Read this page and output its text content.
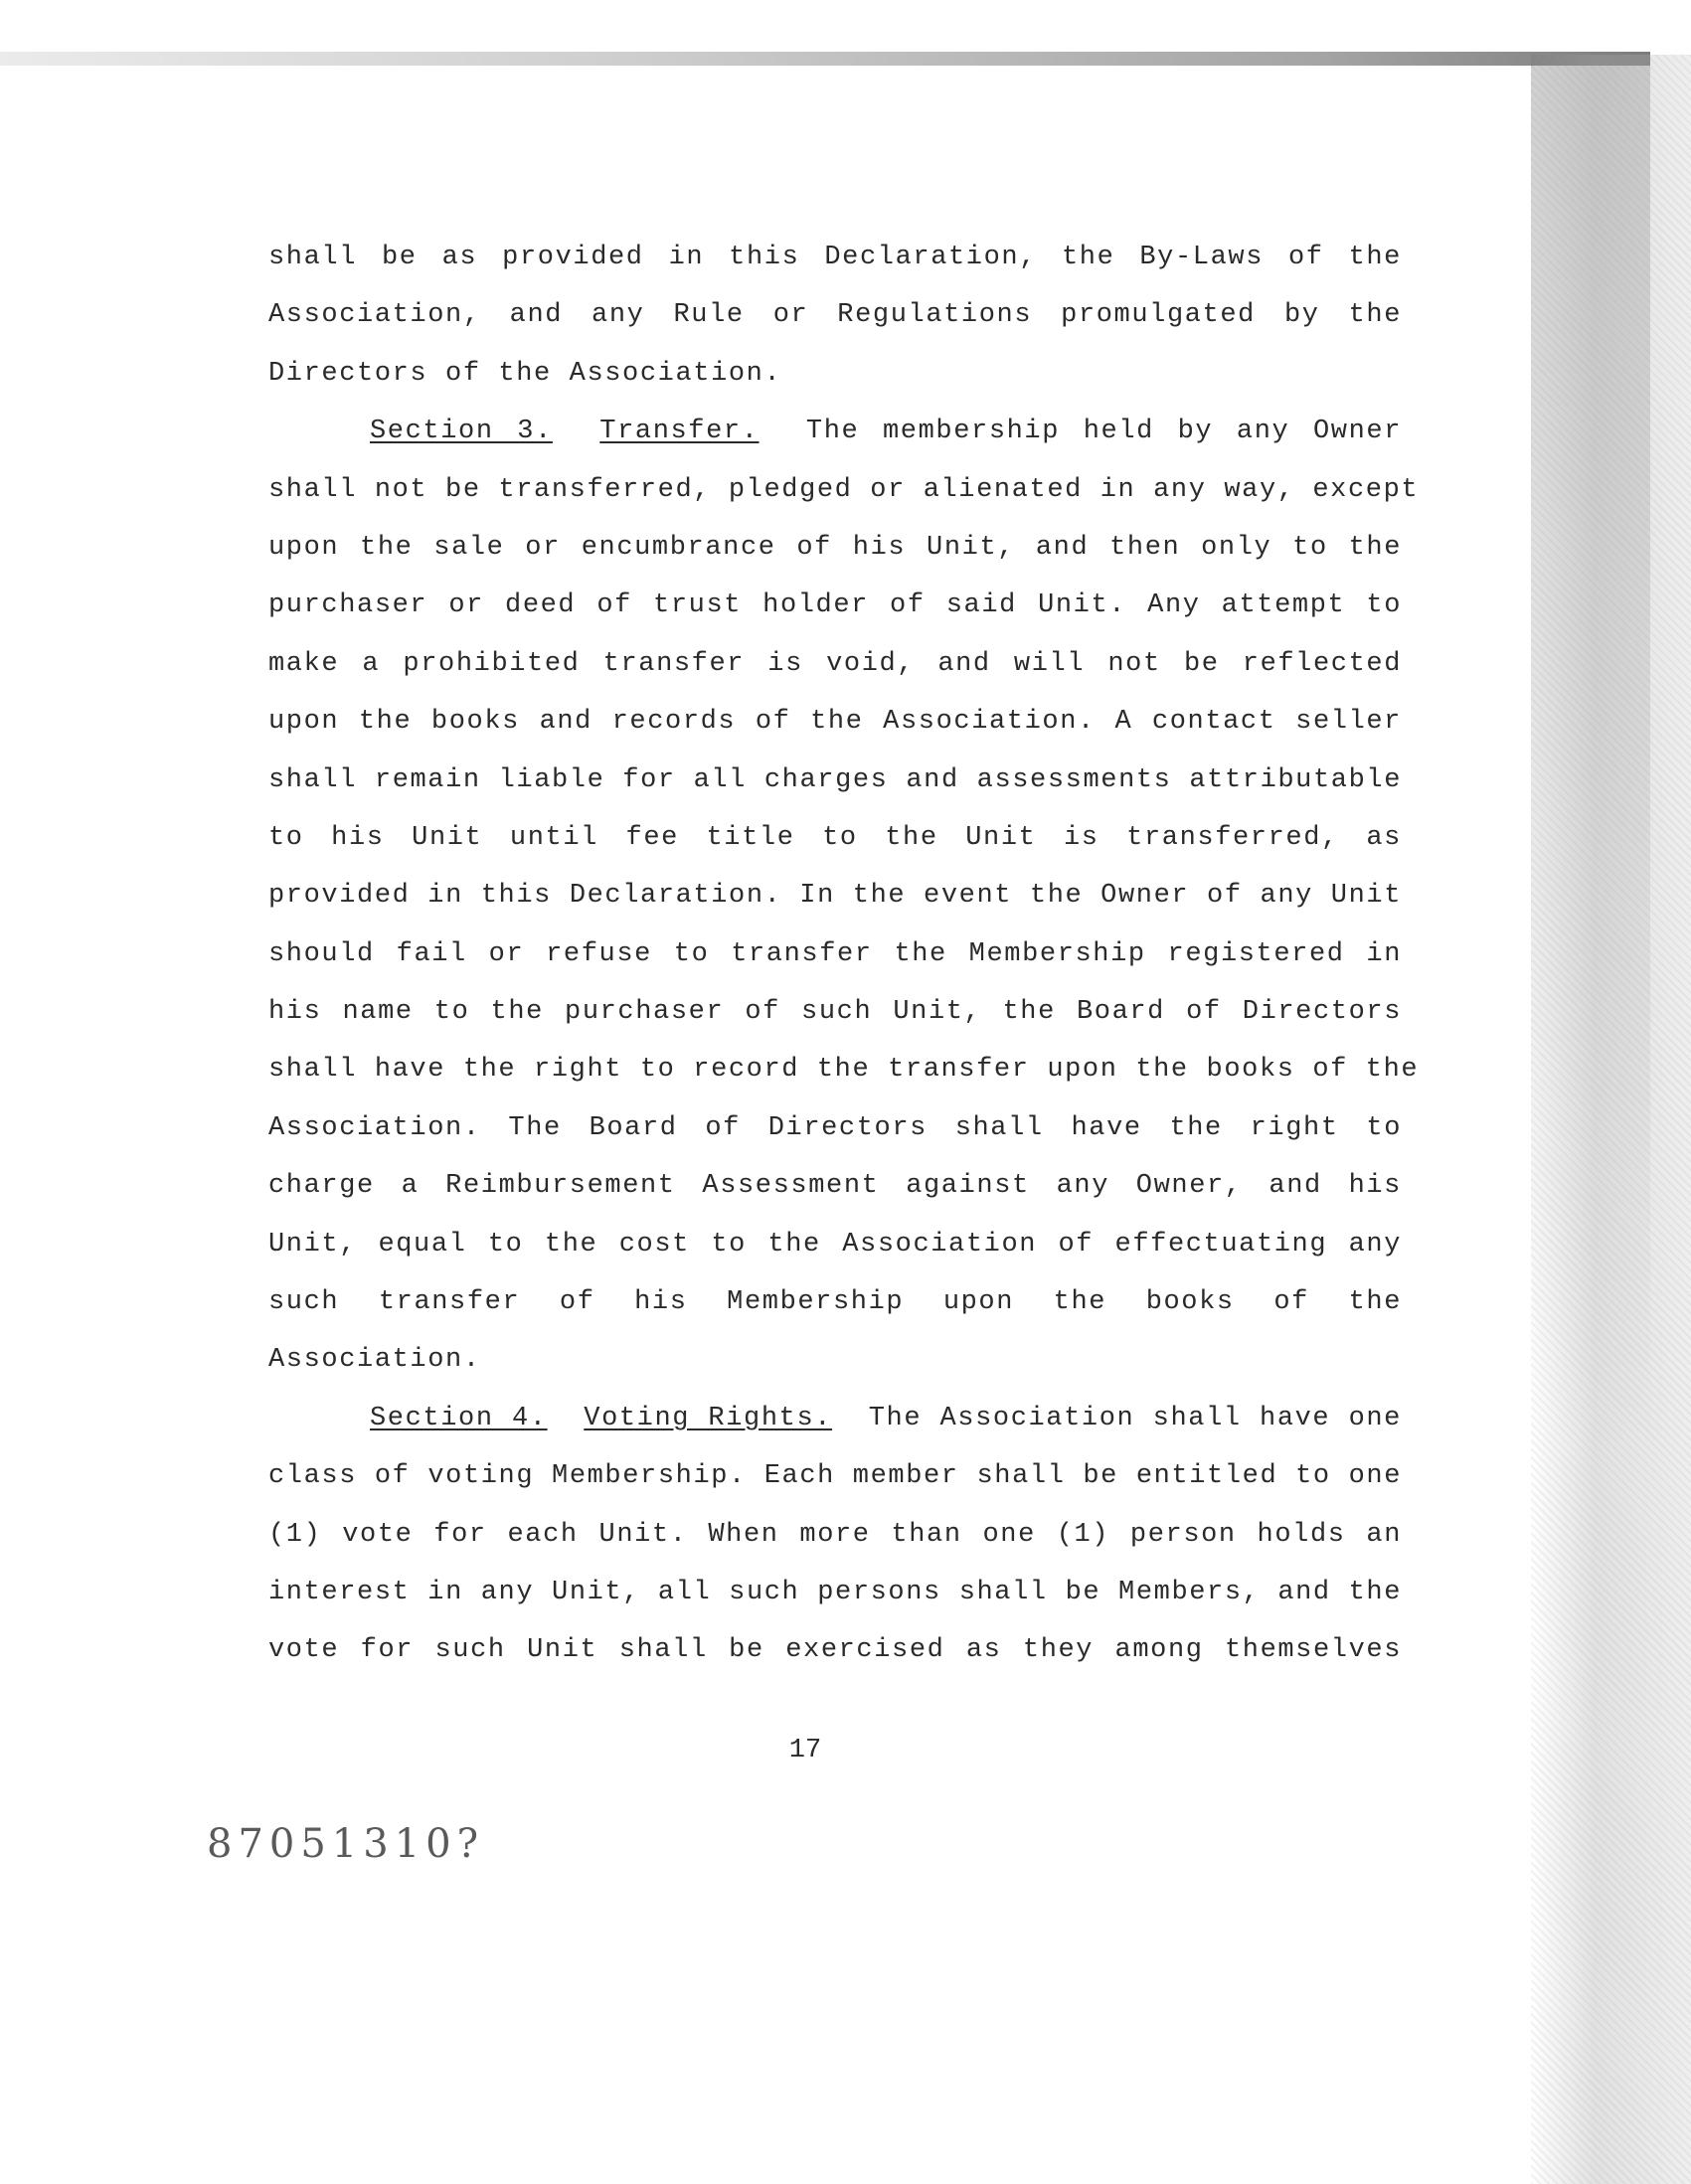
shall be as provided in this Declaration, the By-Laws of the
Association, and any Rule or Regulations promulgated by the
Directors of the Association.
Section 3. Transfer. The membership held by any Owner
shall not be transferred, pledged or alienated in any way, except
upon the sale or encumbrance of his Unit, and then only to the
purchaser or deed of trust holder of said Unit. Any attempt to
make a prohibited transfer is void, and will not be reflected
upon the books and records of the Association. A contact seller
shall remain liable for all charges and assessments attributable
to his Unit until fee title to the Unit is transferred, as
provided in this Declaration. In the event the Owner of any Unit
should fail or refuse to transfer the Membership registered in
his name to the purchaser of such Unit, the Board of Directors
shall have the right to record the transfer upon the books of the
Association. The Board of Directors shall have the right to
charge a Reimbursement Assessment against any Owner, and his
Unit, equal to the cost to the Association of effectuating any
such transfer of his Membership upon the books of the
Association.
Section 4. Voting Rights. The Association shall have one
class of voting Membership. Each member shall be entitled to one
(1) vote for each Unit. When more than one (1) person holds an
interest in any Unit, all such persons shall be Members, and the
vote for such Unit shall be exercised as they among themselves
17
87051310?
